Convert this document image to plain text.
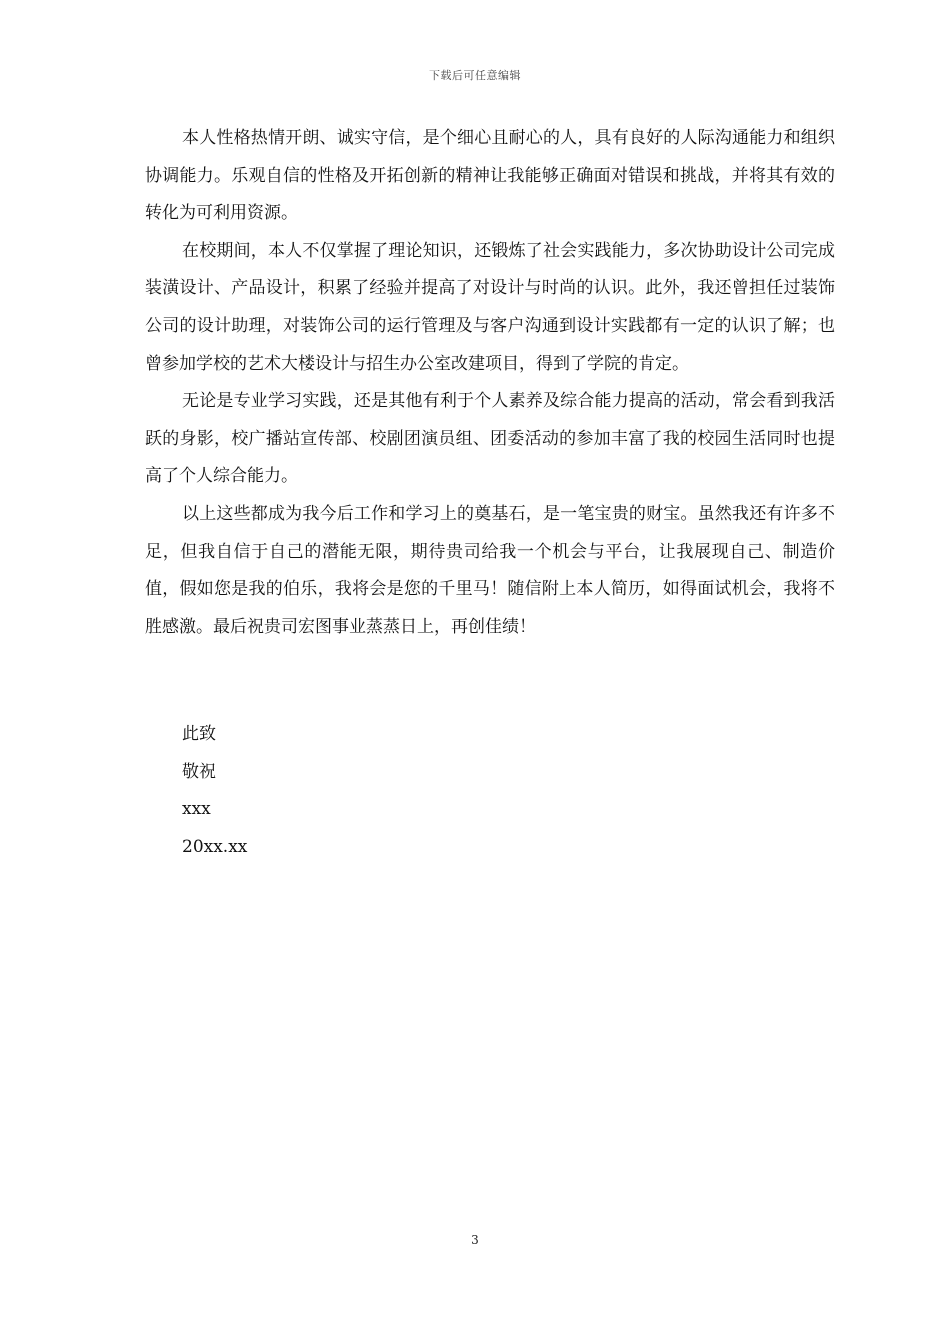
下载后可任意编辑

本人性格热情开朗、诚实守信，是个细心且耐心的人，具有良好的人际沟通能力和组织协调能力。乐观自信的性格及开拓创新的精神让我能够正确面对错误和挑战，并将其有效的转化为可利用资源。

在校期间，本人不仅掌握了理论知识，还锻炼了社会实践能力，多次协助设计公司完成装潢设计、产品设计，积累了经验并提高了对设计与时尚的认识。此外，我还曾担任过装饰公司的设计助理，对装饰公司的运行管理及与客户沟通到设计实践都有一定的认识了解；也曾参加学校的艺术大楼设计与招生办公室改建项目，得到了学院的肯定。

无论是专业学习实践，还是其他有利于个人素养及综合能力提高的活动，常会看到我活跃的身影，校广播站宣传部、校剧团演员组、团委活动的参加丰富了我的校园生活同时也提高了个人综合能力。

以上这些都成为我今后工作和学习上的奠基石，是一笔宝贵的财宝。虽然我还有许多不足，但我自信于自己的潜能无限，期待贵司给我一个机会与平台，让我展现自己、制造价值，假如您是我的伯乐，我将会是您的千里马！随信附上本人简历，如得面试机会，我将不胜感激。最后祝贵司宏图事业蒸蒸日上，再创佳绩！

此致

敬祝

xxx

20xx.xx

3
